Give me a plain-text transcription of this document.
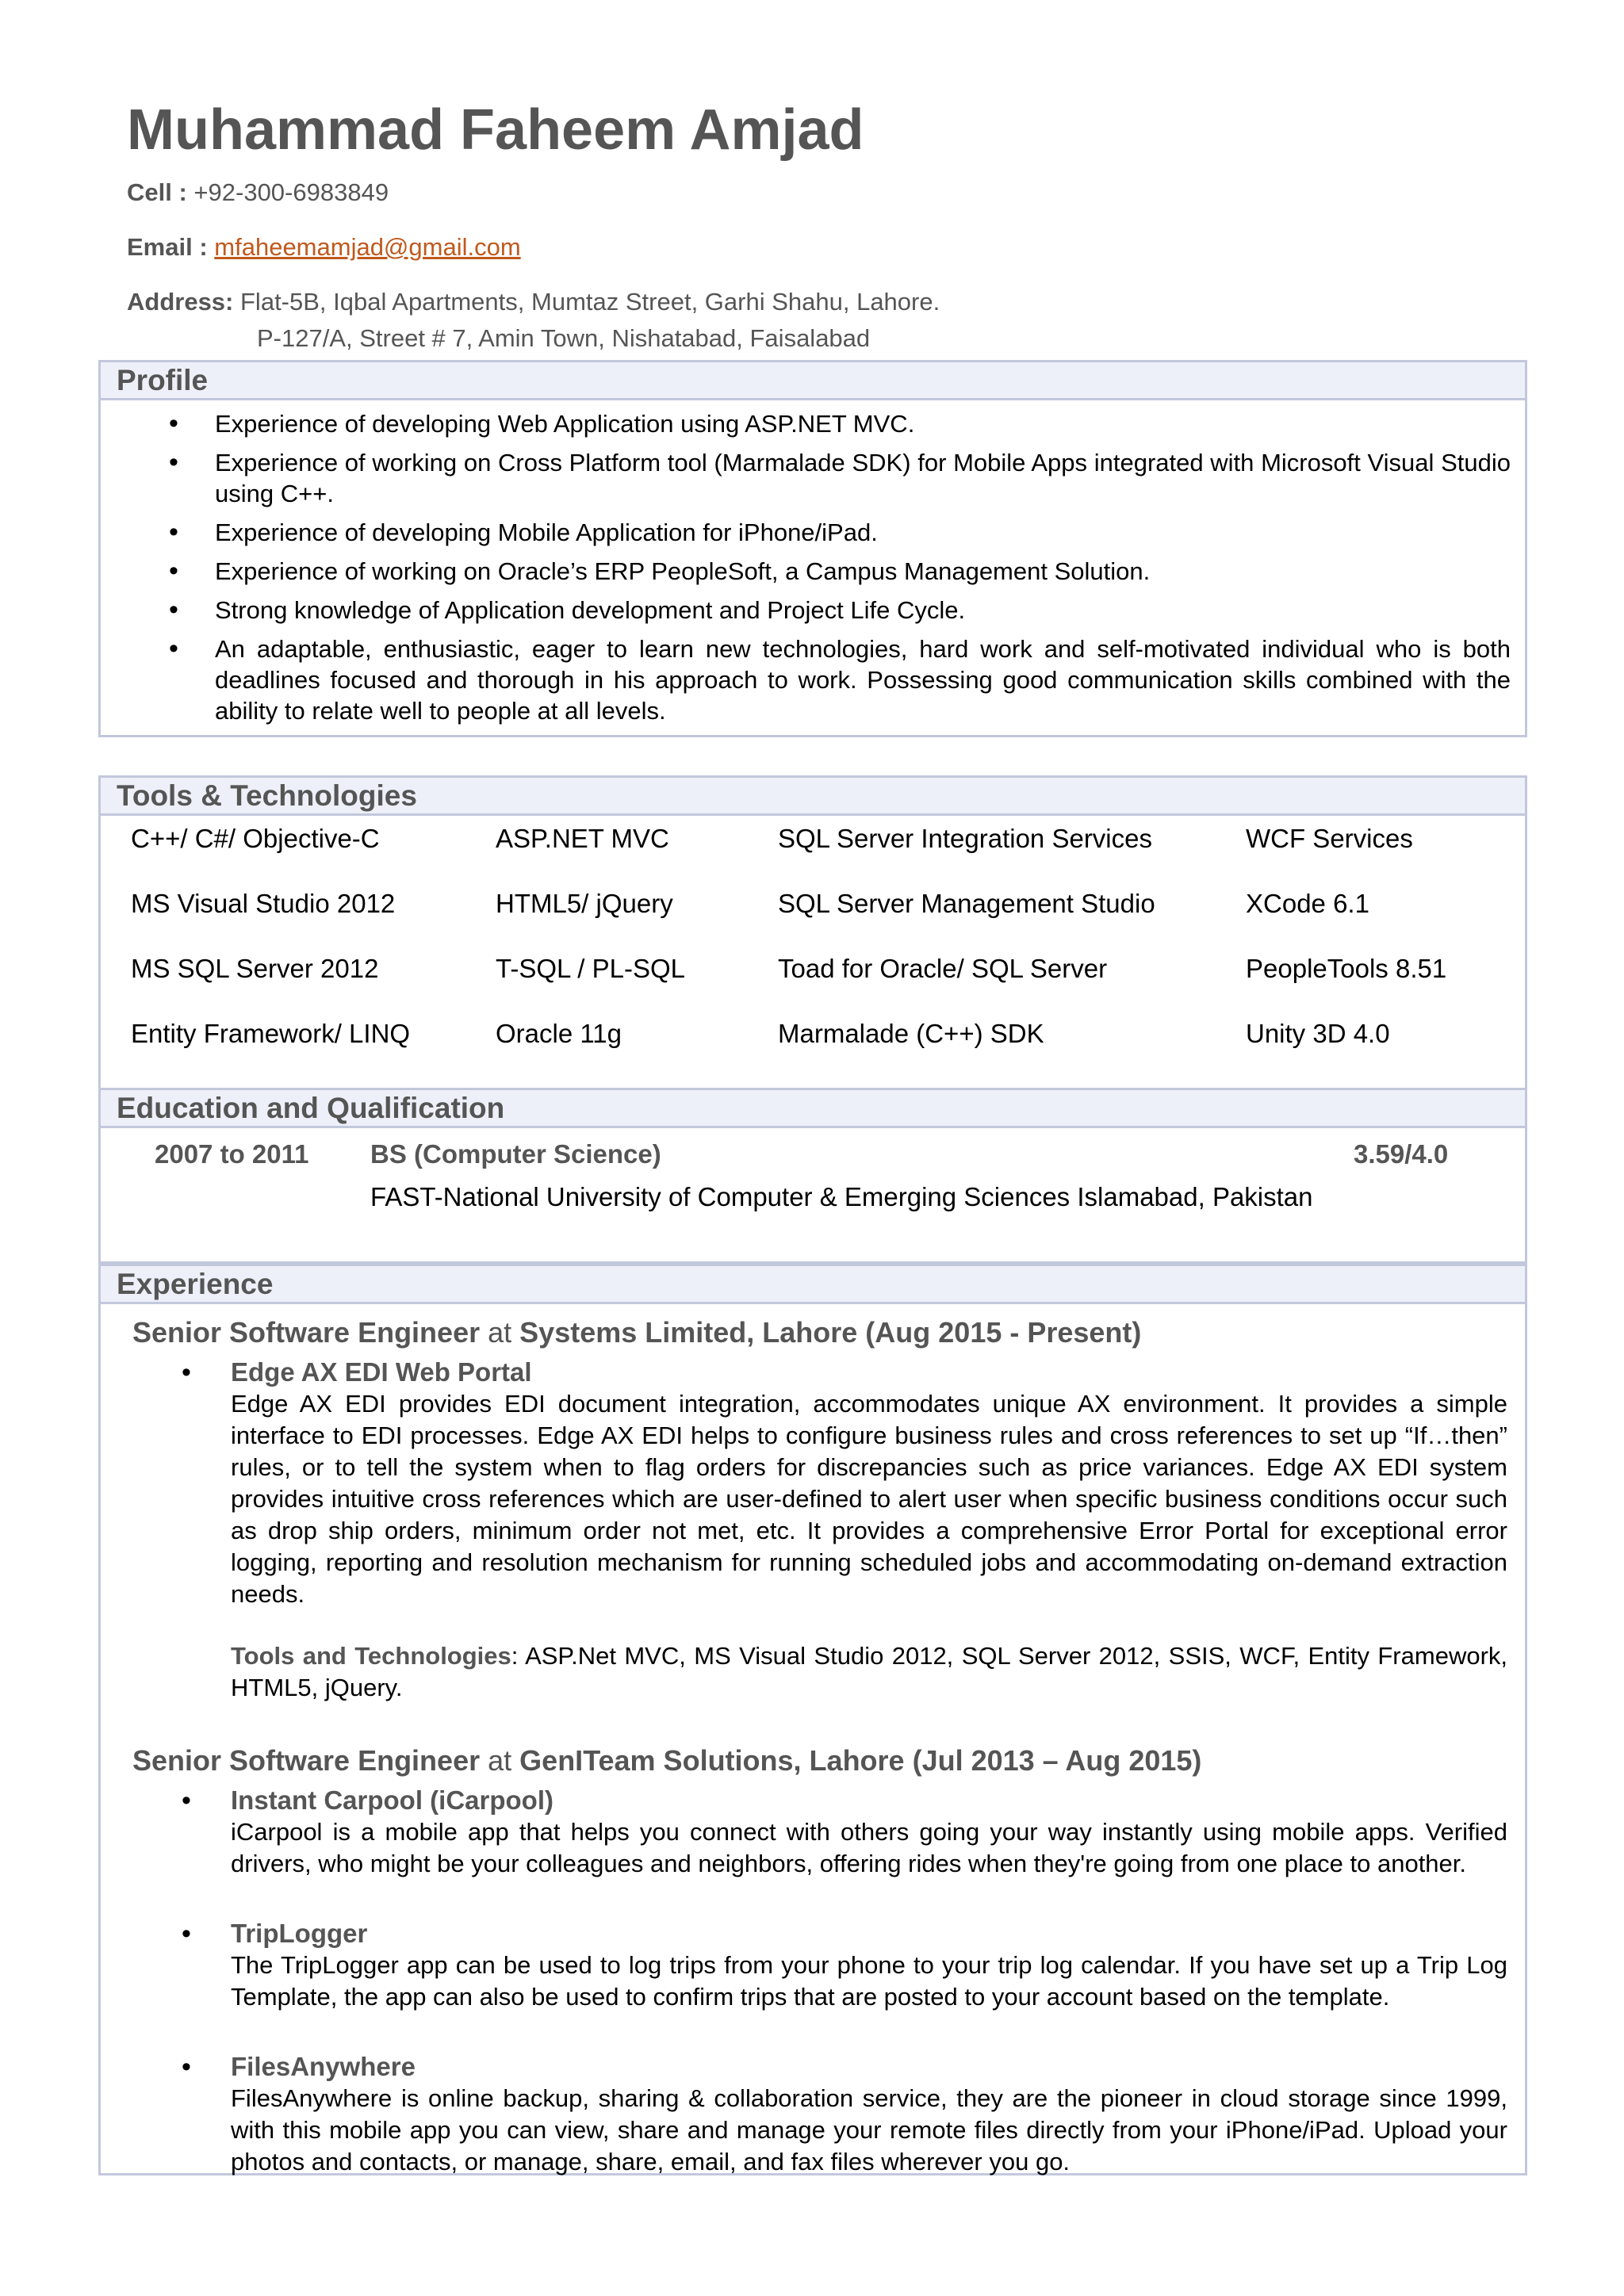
Muhammad Faheem Amjad
Cell : +92-300-6983849
Email : mfaheemamjad@gmail.com
Address: Flat-5B, Iqbal Apartments, Mumtaz Street, Garhi Shahu, Lahore.
P-127/A, Street # 7, Amin Town, Nishatabad, Faisalabad
Profile
• Experience of developing Web Application using ASP.NET MVC.
• Experience of working on Cross Platform tool (Marmalade SDK) for Mobile Apps integrated with Microsoft Visual Studio using C++.
• Experience of developing Mobile Application for iPhone/iPad.
• Experience of working on Oracle’s ERP PeopleSoft, a Campus Management Solution.
• Strong knowledge of Application development and Project Life Cycle.
• An adaptable, enthusiastic, eager to learn new technologies, hard work and self-motivated individual who is both deadlines focused and thorough in his approach to work. Possessing good communication skills combined with the ability to relate well to people at all levels.
Tools & Technologies
C++/ C#/ Objective-C	ASP.NET MVC	SQL Server Integration Services	WCF Services
MS Visual Studio 2012	HTML5/ jQuery	SQL Server Management Studio	XCode 6.1
MS SQL Server 2012	T-SQL / PL-SQL	Toad for Oracle/ SQL Server	PeopleTools 8.51
Entity Framework/ LINQ	Oracle 11g	Marmalade (C++) SDK	Unity 3D 4.0
Education and Qualification
2007 to 2011 BS (Computer Science)	3.59/4.0
FAST-National University of Computer & Emerging Sciences Islamabad, Pakistan
Experience
Senior Software Engineer at Systems Limited, Lahore (Aug 2015 - Present)
• Edge AX EDI Web Portal
Edge AX EDI provides EDI document integration, accommodates unique AX environment. It provides a simple interface to EDI processes. Edge AX EDI helps to configure business rules and cross references to set up “If…then” rules, or to tell the system when to flag orders for discrepancies such as price variances. Edge AX EDI system provides intuitive cross references which are user-defined to alert user when specific business conditions occur such as drop ship orders, minimum order not met, etc. It provides a comprehensive Error Portal for exceptional error logging, reporting and resolution mechanism for running scheduled jobs and accommodating on-demand extraction needs.
Tools and Technologies: ASP.Net MVC, MS Visual Studio 2012, SQL Server 2012, SSIS, WCF, Entity Framework, HTML5, jQuery.
Senior Software Engineer at GenITeam Solutions, Lahore (Jul 2013 – Aug 2015)
• Instant Carpool (iCarpool)
iCarpool is a mobile app that helps you connect with others going your way instantly using mobile apps. Verified drivers, who might be your colleagues and neighbors, offering rides when they're going from one place to another.
• TripLogger
The TripLogger app can be used to log trips from your phone to your trip log calendar. If you have set up a Trip Log Template, the app can also be used to confirm trips that are posted to your account based on the template.
• FilesAnywhere
FilesAnywhere is online backup, sharing & collaboration service, they are the pioneer in cloud storage since 1999, with this mobile app you can view, share and manage your remote files directly from your iPhone/iPad. Upload your photos and contacts, or manage, share, email, and fax files wherever you go.
